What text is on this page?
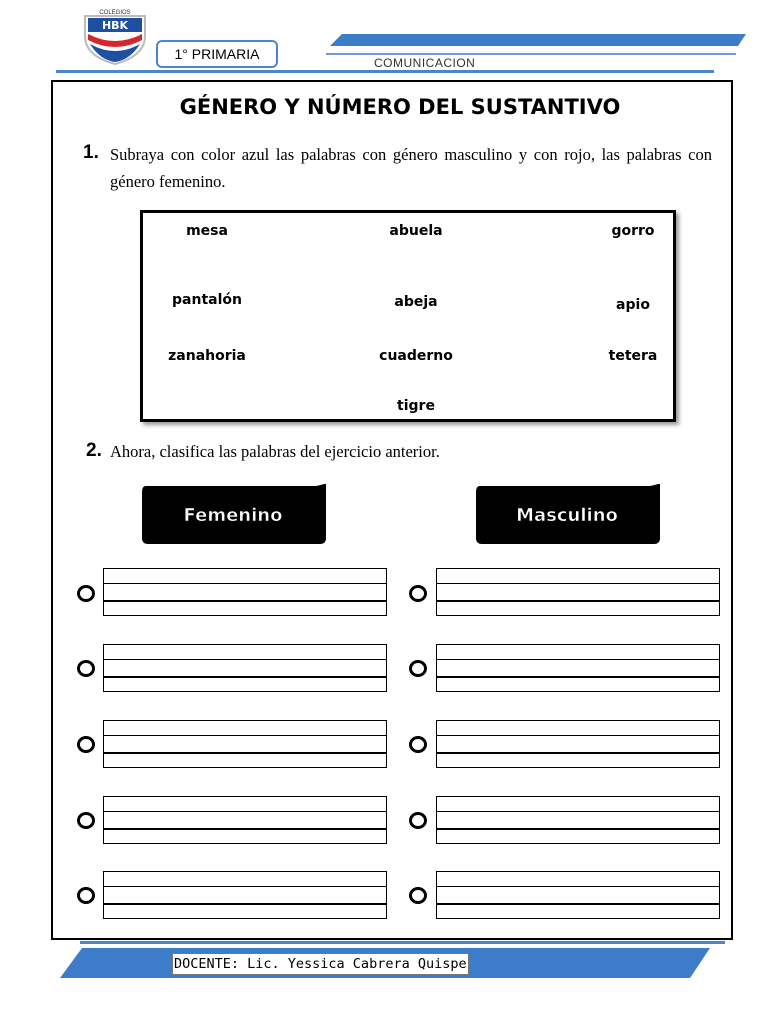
COLEGIOS
HBK
1° PRIMARIA
COMUNICACION
GÉNERO Y NÚMERO DEL SUSTANTIVO
1. Subraya con color azul las palabras con género masculino y con rojo, las palabras con género femenino.
mesa	abuela	gorro
pantalón	abeja	apio
zanahoria	cuaderno	tetera
tigre
2. Ahora, clasifica las palabras del ejercicio anterior.
Femenino	Masculino
DOCENTE: Lic. Yessica Cabrera Quispe
